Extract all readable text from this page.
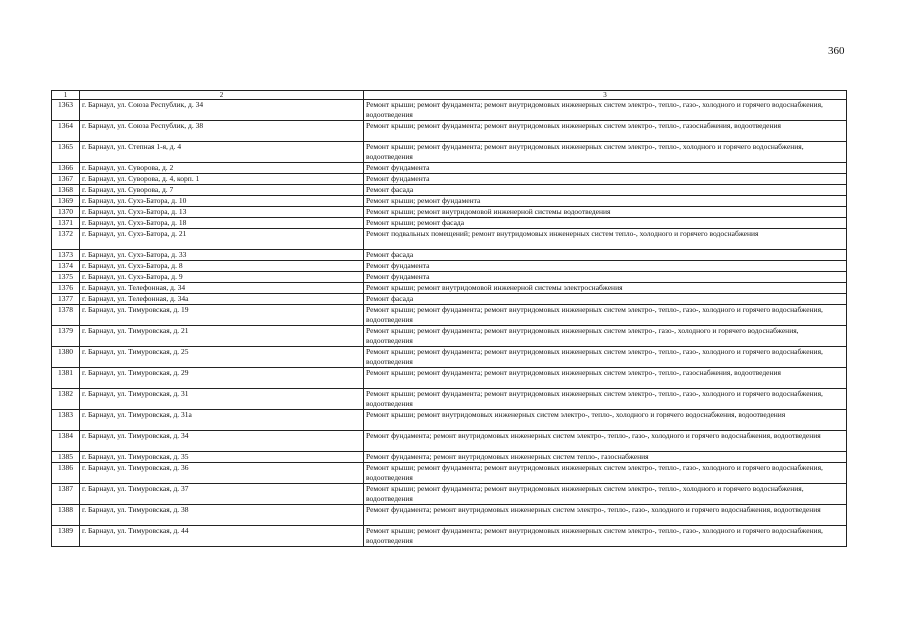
360
1	2	3
1363	г. Барнаул, ул. Союза Республик, д. 34	Ремонт крыши; ремонт фундамента; ремонт внутридомовых инженерных систем электро-, тепло-, газо-, холодного и горячего водоснабжения, водоотведения
1364	г. Барнаул, ул. Союза Республик, д. 38	Ремонт крыши; ремонт фундамента; ремонт внутридомовых инженерных систем электро-, тепло-, газоснабжения, водоотведения
1365	г. Барнаул, ул. Степная 1-я, д. 4	Ремонт крыши; ремонт фундамента; ремонт внутридомовых инженерных систем электро-, тепло-, холодного и горячего водоснабжения, водоотведения
1366	г. Барнаул, ул. Суворова, д. 2	Ремонт фундамента
1367	г. Барнаул, ул. Суворова, д. 4, корп. 1	Ремонт фундамента
1368	г. Барнаул, ул. Суворова, д. 7	Ремонт фасада
1369	г. Барнаул, ул. Сухэ-Батора, д. 10	Ремонт крыши; ремонт фундамента
1370	г. Барнаул, ул. Сухэ-Батора, д. 13	Ремонт крыши; ремонт внутридомовой инженерной системы водоотведения
1371	г. Барнаул, ул. Сухэ-Батора, д. 18	Ремонт крыши; ремонт фасада
1372	г. Барнаул, ул. Сухэ-Батора, д. 21	Ремонт подвальных помещений; ремонт внутридомовых инженерных систем тепло-, холодного и горячего водоснабжения
1373	г. Барнаул, ул. Сухэ-Батора, д. 33	Ремонт фасада
1374	г. Барнаул, ул. Сухэ-Батора, д. 8	Ремонт фундамента
1375	г. Барнаул, ул. Сухэ-Батора, д. 9	Ремонт фундамента
1376	г. Барнаул, ул. Телефонная, д. 34	Ремонт крыши; ремонт внутридомовой инженерной системы электроснабжения
1377	г. Барнаул, ул. Телефонная, д. 34а	Ремонт фасада
1378	г. Барнаул, ул. Тимуровская, д. 19	Ремонт крыши; ремонт фундамента; ремонт внутридомовых инженерных систем электро-, тепло-, газо-, холодного и горячего водоснабжения, водоотведения
1379	г. Барнаул, ул. Тимуровская, д. 21	Ремонт крыши; ремонт фундамента; ремонт внутридомовых инженерных систем электро-, газо-, холодного и горячего водоснабжения, водоотведения
1380	г. Барнаул, ул. Тимуровская, д. 25	Ремонт крыши; ремонт фундамента; ремонт внутридомовых инженерных систем электро-, тепло-, газо-, холодного и горячего водоснабжения, водоотведения
1381	г. Барнаул, ул. Тимуровская, д. 29	Ремонт крыши; ремонт фундамента; ремонт внутридомовых инженерных систем электро-, тепло-, газоснабжения, водоотведения
1382	г. Барнаул, ул. Тимуровская, д. 31	Ремонт крыши; ремонт фундамента; ремонт внутридомовых инженерных систем электро-, тепло-, газо-, холодного и горячего водоснабжения, водоотведения
1383	г. Барнаул, ул. Тимуровская, д. 31а	Ремонт крыши; ремонт внутридомовых инженерных систем электро-, тепло-, холодного и горячего водоснабжения, водоотведения
1384	г. Барнаул, ул. Тимуровская, д. 34	Ремонт фундамента; ремонт внутридомовых инженерных систем электро-, тепло-, газо-, холодного и горячего водоснабжения, водоотведения
1385	г. Барнаул, ул. Тимуровская, д. 35	Ремонт фундамента; ремонт внутридомовых инженерных систем тепло-, газоснабжения
1386	г. Барнаул, ул. Тимуровская, д. 36	Ремонт крыши; ремонт фундамента; ремонт внутридомовых инженерных систем электро-, тепло-, газо-, холодного и горячего водоснабжения, водоотведения
1387	г. Барнаул, ул. Тимуровская, д. 37	Ремонт крыши; ремонт фундамента; ремонт внутридомовых инженерных систем электро-, тепло-, холодного и горячего водоснабжения, водоотведения
1388	г. Барнаул, ул. Тимуровская, д. 38	Ремонт фундамента; ремонт внутридомовых инженерных систем электро-, тепло-, газо-, холодного и горячего водоснабжения, водоотведения
1389	г. Барнаул, ул. Тимуровская, д. 44	Ремонт крыши; ремонт фундамента; ремонт внутридомовых инженерных систем электро-, тепло-, газо-, холодного и горячего водоснабжения, водоотведения
